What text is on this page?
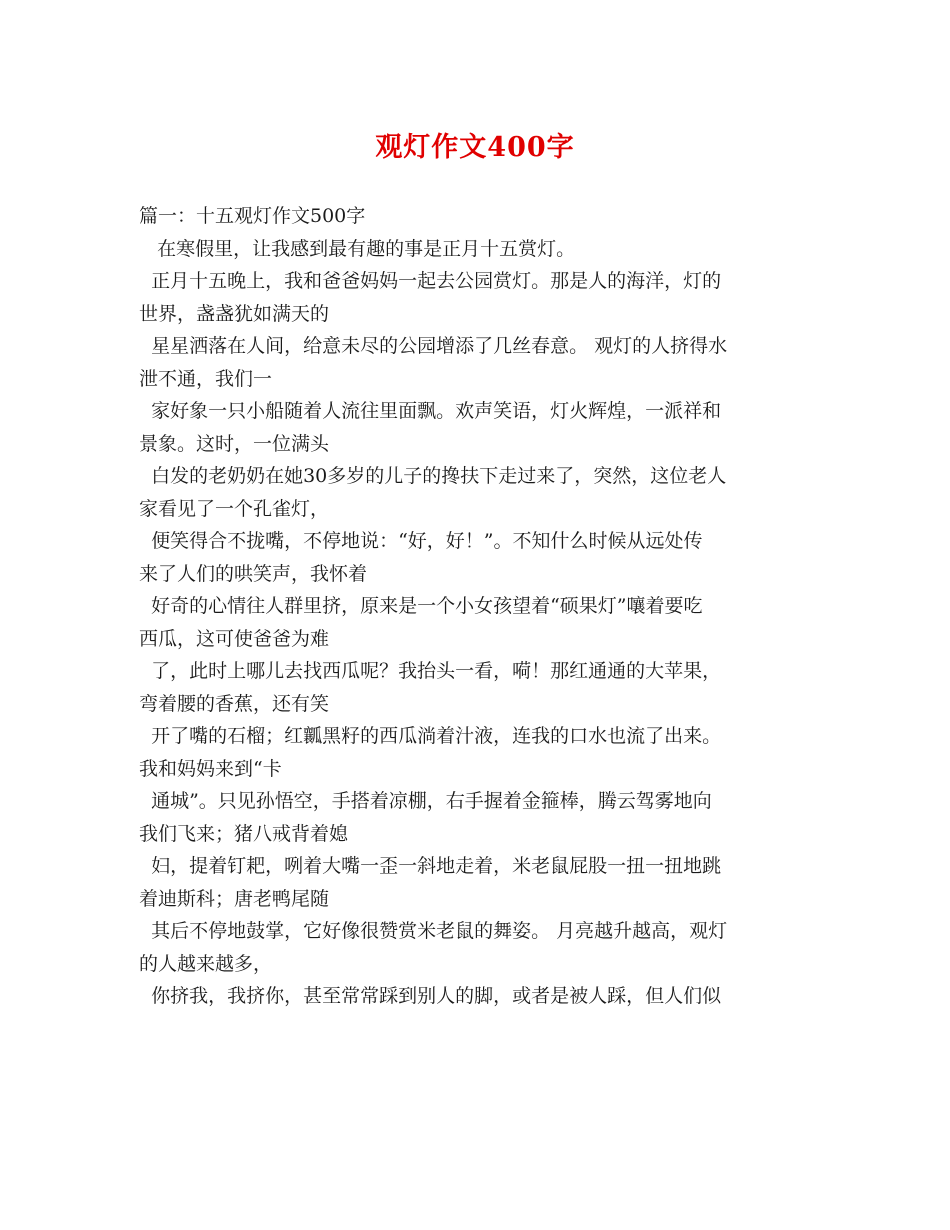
观灯作文400字
篇一：十五观灯作文500字
在寒假里，让我感到最有趣的事是正月十五赏灯。
正月十五晚上，我和爸爸妈妈一起去公园赏灯。那是人的海洋，灯的
世界，盏盏犹如满天的
星星洒落在人间，给意未尽的公园增添了几丝春意。 观灯的人挤得水
泄不通，我们一
家好象一只小船随着人流往里面飘。欢声笑语，灯火辉煌，一派祥和
景象。这时，一位满头
白发的老奶奶在她30多岁的儿子的搀扶下走过来了，突然，这位老人
家看见了一个孔雀灯，
便笑得合不拢嘴，不停地说：“好，好！”。不知什么时候从远处传
来了人们的哄笑声，我怀着
好奇的心情往人群里挤，原来是一个小女孩望着“硕果灯”嚷着要吃
西瓜，这可使爸爸为难
了，此时上哪儿去找西瓜呢？我抬头一看，嗬！那红通通的大苹果，
弯着腰的香蕉，还有笑
开了嘴的石榴；红瓤黑籽的西瓜淌着汁液，连我的口水也流了出来。
我和妈妈来到“卡
通城”。只见孙悟空，手搭着凉棚，右手握着金箍棒，腾云驾雾地向
我们飞来；猪八戒背着媳
妇，提着钉耙，咧着大嘴一歪一斜地走着，米老鼠屁股一扭一扭地跳
着迪斯科；唐老鸭尾随
其后不停地鼓掌，它好像很赞赏米老鼠的舞姿。 月亮越升越高，观灯
的人越来越多，
你挤我，我挤你，甚至常常踩到别人的脚，或者是被人踩，但人们似
